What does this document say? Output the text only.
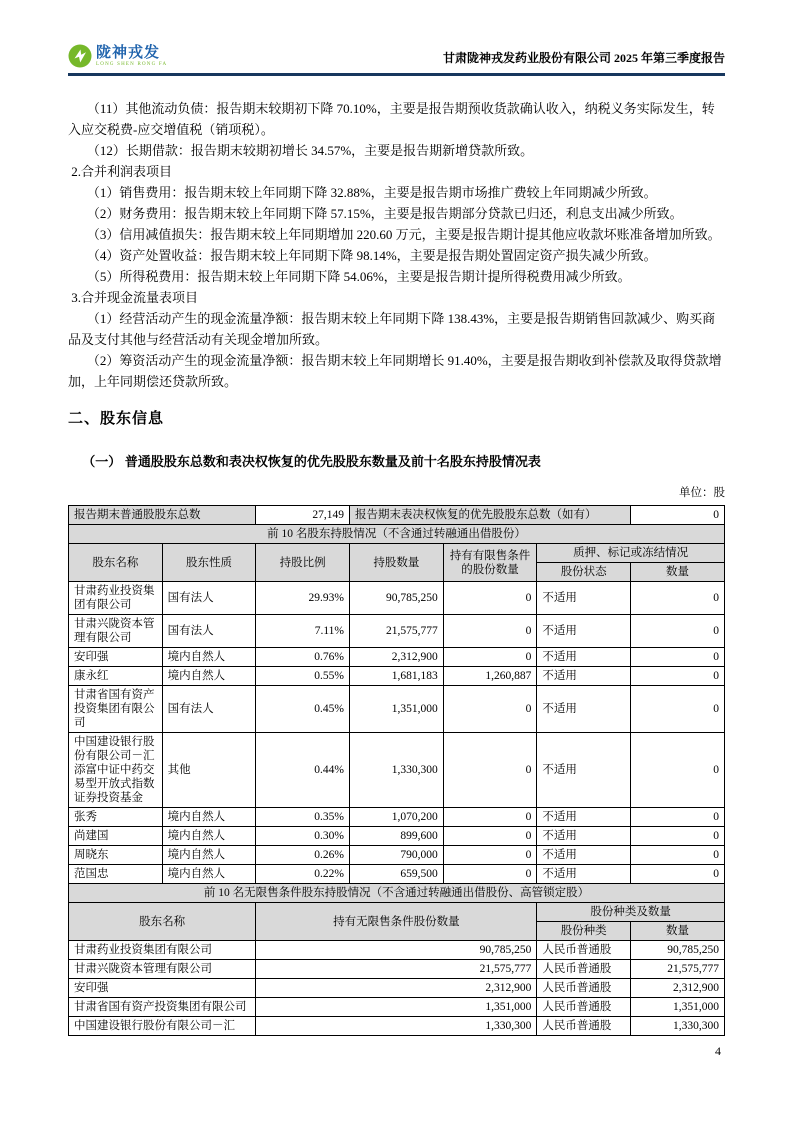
陇神戎发
LONG SHEN RONG FA	甘肃陇神戎发药业股份有限公司 2025 年第三季度报告

（11）其他流动负债：报告期末较期初下降 70.10%，主要是报告期预收货款确认收入，纳税义务实际发生，转入应交税费-应交增值税（销项税）。

（12）长期借款：报告期末较期初增长 34.57%，主要是报告期新增贷款所致。

2.合并利润表项目

（1）销售费用：报告期末较上年同期下降 32.88%，主要是报告期市场推广费较上年同期减少所致。

（2）财务费用：报告期末较上年同期下降 57.15%，主要是报告期部分贷款已归还，利息支出减少所致。

（3）信用减值损失：报告期末较上年同期增加 220.60 万元，主要是报告期计提其他应收款坏账准备增加所致。

（4）资产处置收益：报告期末较上年同期下降 98.14%，主要是报告期处置固定资产损失减少所致。

（5）所得税费用：报告期末较上年同期下降 54.06%，主要是报告期计提所得税费用减少所致。

3.合并现金流量表项目

（1）经营活动产生的现金流量净额：报告期末较上年同期下降 138.43%，主要是报告期销售回款减少、购买商品及支付其他与经营活动有关现金增加所致。

（2）筹资活动产生的现金流量净额：报告期末较上年同期增长 91.40%，主要是报告期收到补偿款及取得贷款增加，上年同期偿还贷款所致。

二、股东信息
（一） 普通股股东总数和表决权恢复的优先股股东数量及前十名股东持股情况表
单位：股
报告期末普通股股东总数		27,149	报告期末表决权恢复的优先股股东总数（如有）			0
前 10 名股东持股情况（不含通过转融通出借股份）						
股东名称	股东性质	持股比例	持股数量	持有有限售条件的股份数量	质押、标记或冻结情况	
					股份状态	数量
甘肃药业投资集团有限公司	国有法人	29.93%	90,785,250	0	不适用	0
甘肃兴陇资本管理有限公司	国有法人	7.11%	21,575,777	0	不适用	0
安印强	境内自然人	0.76%	2,312,900	0	不适用	0
康永红	境内自然人	0.55%	1,681,183	1,260,887	不适用	0
甘肃省国有资产投资集团有限公司	国有法人	0.45%	1,351,000	0	不适用	0
中国建设银行股份有限公司－汇添富中证中药交易型开放式指数证券投资基金	其他	0.44%	1,330,300	0	不适用	0
张秀	境内自然人	0.35%	1,070,200	0	不适用	0
尚建国	境内自然人	0.30%	899,600	0	不适用	0
周晓东	境内自然人	0.26%	790,000	0	不适用	0
范国忠	境内自然人	0.22%	659,500	0	不适用	0
前 10 名无限售条件股东持股情况（不含通过转融通出借股份、高管锁定股）						
股东名称		持有无限售条件股份数量			股份种类及数量	
					股份种类	数量
甘肃药业投资集团有限公司		90,785,250			人民币普通股	90,785,250
甘肃兴陇资本管理有限公司		21,575,777			人民币普通股	21,575,777
安印强		2,312,900			人民币普通股	2,312,900
甘肃省国有资产投资集团有限公司		1,351,000			人民币普通股	1,351,000
中国建设银行股份有限公司－汇		1,330,300			人民币普通股	1,330,300
4
